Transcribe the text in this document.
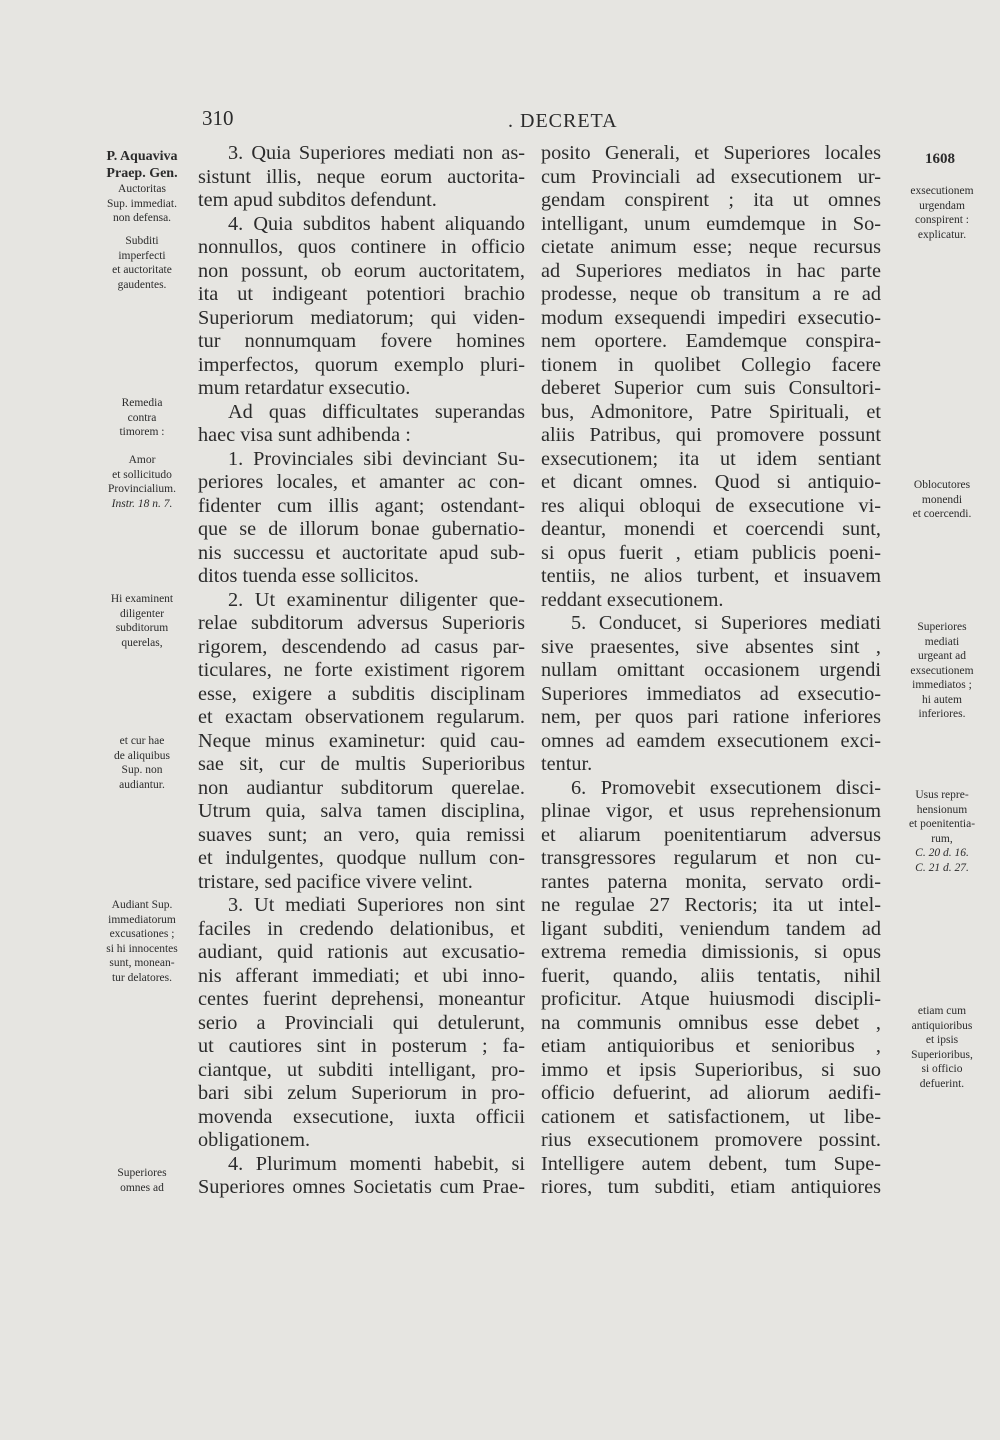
310	. DECRETA
P. Aquaviva
Praep. Gen.
Auctoritas
Sup. immediat.
non defensa.
Subditi
imperfecti
et auctoritate
gaudentes.
Remedia
contra
timorem :
Amor
et sollicitudo
Provincialium.
Instr. 18 n. 7.
Hi examinent
diligenter
subditorum
querelas,
et cur hae
de aliquibus
Sup. non
audiantur.
Audiant Sup.
immediatorum
excusationes ;
si hi innocentes
sunt, monean-
tur delatores.
Superiores
omnes ad
1608
exsecutionem
urgendam
conspirent :
explicatur.
Oblocutores
monendi
et coercendi.
Superiores
mediati
urgeant ad
exsecutionem
immediatos ;
hi autem
inferiores.
Usus repre-
hensionum
et poenitentia-
rum,
C. 20 d. 16.
C. 21 d. 27.
etiam cum
antiquioribus
et ipsis
Superioribus,
si officio
defuerint.
3. Quia Superiores mediati non as-
sistunt illis, neque eorum auctorita-
tem apud subditos defendunt.
4. Quia subditos habent aliquando
nonnullos, quos continere in officio
non possunt, ob eorum auctoritatem,
ita ut indigeant potentiori brachio
Superiorum mediatorum; qui viden-
tur nonnumquam fovere homines
imperfectos, quorum exemplo pluri-
mum retardatur exsecutio.
Ad quas difficultates superandas
haec visa sunt adhibenda :
1. Provinciales sibi devinciant Su-
periores locales, et amanter ac con-
fidenter cum illis agant; ostendant-
que se de illorum bonae gubernatio-
nis successu et auctoritate apud sub-
ditos tuenda esse sollicitos.
2. Ut examinentur diligenter que-
relae subditorum adversus Superioris
rigorem, descendendo ad casus par-
ticulares, ne forte existiment rigorem
esse, exigere a subditis disciplinam
et exactam observationem regularum.
Neque minus examinetur: quid cau-
sae sit, cur de multis Superioribus
non audiantur subditorum querelae.
Utrum quia, salva tamen disciplina,
suaves sunt; an vero, quia remissi
et indulgentes, quodque nullum con-
tristare, sed pacifice vivere velint.
3. Ut mediati Superiores non sint
faciles in credendo delationibus, et
audiant, quid rationis aut excusatio-
nis afferant immediati; et ubi inno-
centes fuerint deprehensi, moneantur
serio a Provinciali qui detulerunt,
ut cautiores sint in posterum ; fa-
ciantque, ut subditi intelligant, pro-
bari sibi zelum Superiorum in pro-
movenda exsecutione, iuxta officii
obligationem.
4. Plurimum momenti habebit, si
Superiores omnes Societatis cum Prae-
posito Generali, et Superiores locales
cum Provinciali ad exsecutionem ur-
gendam conspirent ; ita ut omnes
intelligant, unum eumdemque in So-
cietate animum esse; neque recursus
ad Superiores mediatos in hac parte
prodesse, neque ob transitum a re ad
modum exsequendi impediri exsecutio-
nem oportere. Eamdemque conspira-
tionem in quolibet Collegio facere
deberet Superior cum suis Consultori-
bus, Admonitore, Patre Spirituali, et
aliis Patribus, qui promovere possunt
exsecutionem; ita ut idem sentiant
et dicant omnes. Quod si antiquio-
res aliqui obloqui de exsecutione vi-
deantur, monendi et coercendi sunt,
si opus fuerit , etiam publicis poeni-
tentiis, ne alios turbent, et insuavem
reddant exsecutionem.
5. Conducet, si Superiores mediati
sive praesentes, sive absentes sint ,
nullam omittant occasionem urgendi
Superiores immediatos ad exsecutio-
nem, per quos pari ratione inferiores
omnes ad eamdem exsecutionem exci-
tentur.
6. Promovebit exsecutionem disci-
plinae vigor, et usus reprehensionum
et aliarum poenitentiarum adversus
transgressores regularum et non cu-
rantes paterna monita, servato ordi-
ne regulae 27 Rectoris; ita ut intel-
ligant subditi, veniendum tandem ad
extrema remedia dimissionis, si opus
fuerit, quando, aliis tentatis, nihil
proficitur. Atque huiusmodi discipli-
na communis omnibus esse debet ,
etiam antiquioribus et senioribus ,
immo et ipsis Superioribus, si suo
officio defuerint, ad aliorum aedifi-
cationem et satisfactionem, ut libe-
rius exsecutionem promovere possint.
Intelligere autem debent, tum Supe-
riores, tum subditi, etiam antiquiores
